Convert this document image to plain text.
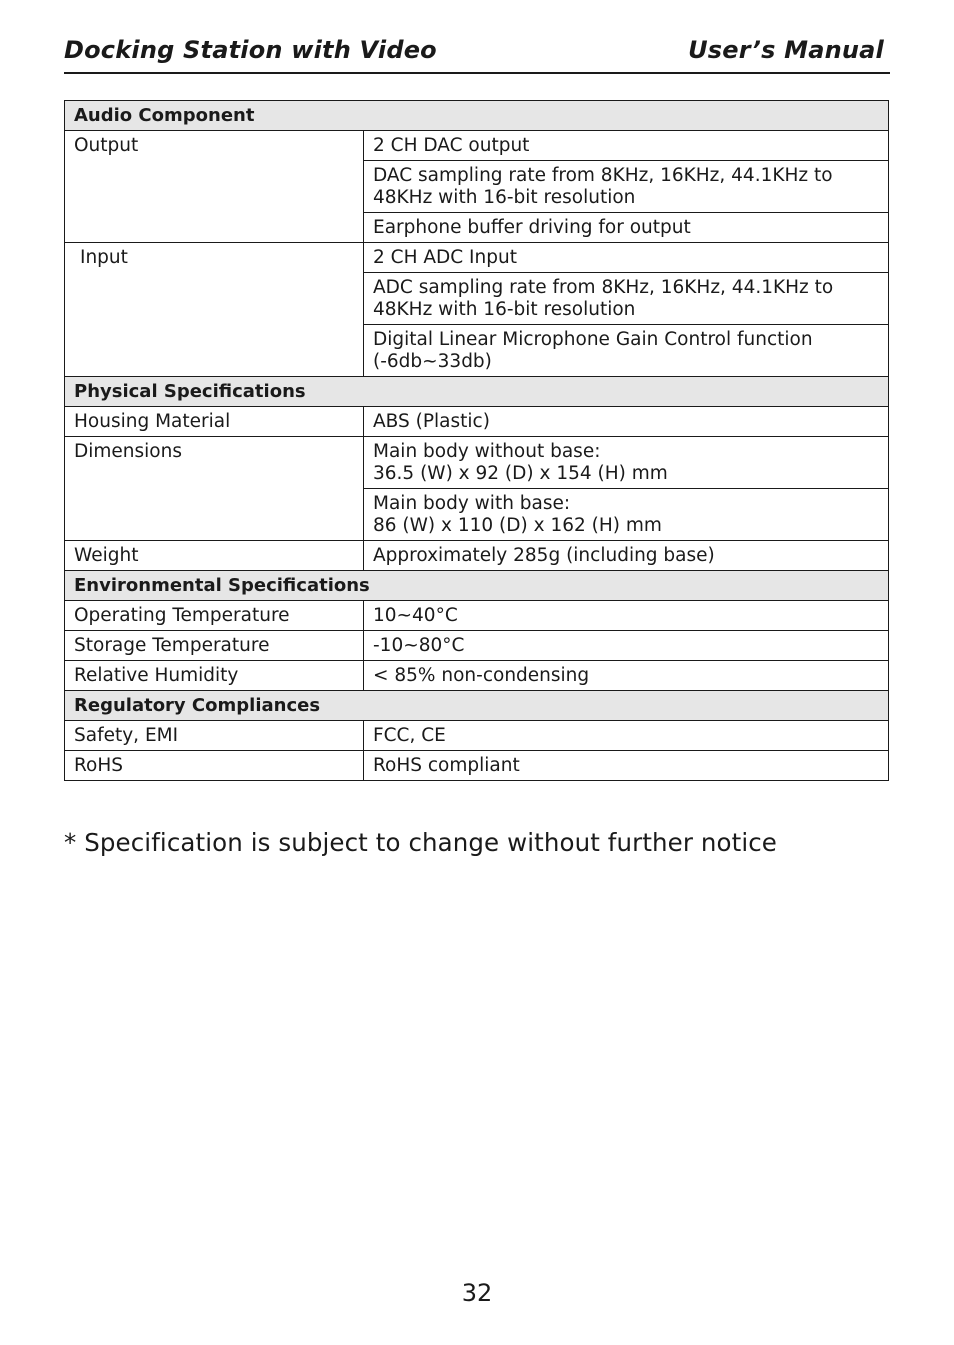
Docking Station with Video	User’s Manual
Audio Component	
Output	2 CH DAC output
	DAC sampling rate from 8KHz, 16KHz, 44.1KHz to 48KHz with 16-bit resolution
	Earphone buffer driving for output
Input	2 CH ADC Input
	ADC sampling rate from 8KHz, 16KHz, 44.1KHz to 48KHz with 16-bit resolution
	Digital Linear Microphone Gain Control function (-6db~33db)
Physical Specifications	
Housing Material	ABS (Plastic)
Dimensions	Main body without base:
36.5 (W) x 92 (D) x 154 (H) mm

	Main body with base:
86 (W) x 110 (D) x 162 (H) mm

Weight	Approximately 285g (including base)
Environmental Specifications	
Operating Temperature	10~40°C
Storage Temperature	-10~80°C
Relative Humidity	< 85% non-condensing
Regulatory Compliances	
Safety, EMI	FCC, CE
RoHS	RoHS compliant
* Specification is subject to change without further notice
32
